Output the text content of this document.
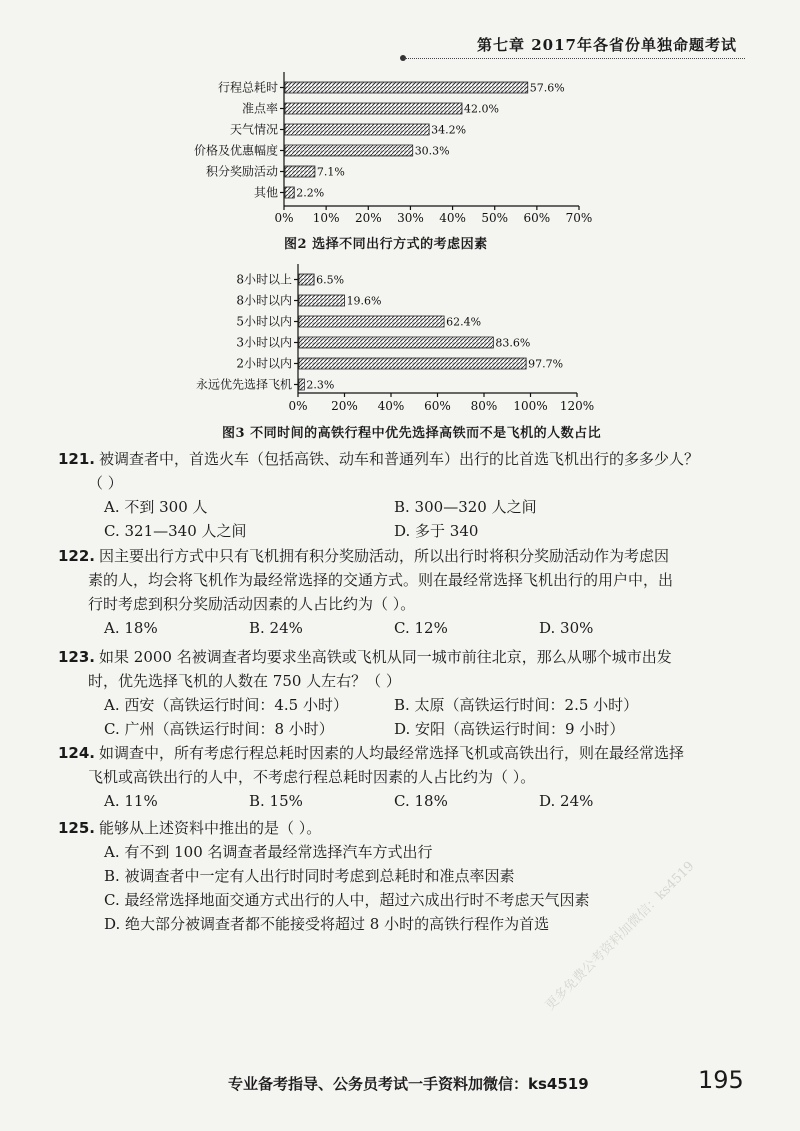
第七章 2017年各省份单独命题考试
0% 10% 20% 30% 40% 50% 60% 70%
行程总耗时	57.6%
准点率	42.0%
天气情况	34.2%
价格及优惠幅度	30.3%
积分奖励活动	7.1%
其他 2.2%
图2 选择不同出行方式的考虑因素
0% 20% 40% 60% 80% 100% 120%
8小时以上 6.5%
8小时以内	19.6%
5小时以内	62.4%
3小时以内	83.6%
2小时以内	97.7%
永远优先选择飞机 2.3%
图3 不同时间的高铁行程中优先选择高铁而不是飞机的人数占比
121. 被调查者中，首选火车（包括高铁、动车和普通列车）出行的比首选飞机出行的多多少人？
（ ）
A. 不到 300 人	B. 300—320 人之间
C. 321—340 人之间	D. 多于 340
122. 因主要出行方式中只有飞机拥有积分奖励活动，所以出行时将积分奖励活动作为考虑因
素的人，均会将飞机作为最经常选择的交通方式。则在最经常选择飞机出行的用户中，出
行时考虑到积分奖励活动因素的人占比约为（ ）。
A. 18%	B. 24%	C. 12%	D. 30%
123. 如果 2000 名被调查者均要求坐高铁或飞机从同一城市前往北京，那么从哪个城市出发
时，优先选择飞机的人数在 750 人左右？（ ）
A. 西安（高铁运行时间：4.5 小时）	B. 太原（高铁运行时间：2.5 小时）
C. 广州（高铁运行时间：8 小时）	D. 安阳（高铁运行时间：9 小时）
124. 如调查中，所有考虑行程总耗时因素的人均最经常选择飞机或高铁出行，则在最经常选择
飞机或高铁出行的人中，不考虑行程总耗时因素的人占比约为（ ）。
A. 11%	B. 15%	C. 18%	D. 24%
125. 能够从上述资料中推出的是（ ）。
A. 有不到 100 名调查者最经常选择汽车方式出行
B. 被调查者中一定有人出行时同时考虑到总耗时和准点率因素
C. 最经常选择地面交通方式出行的人中，超过六成出行时不考虑天气因素
D. 绝大部分被调查者都不能接受将超过 8 小时的高铁行程作为首选
更多免费公考资料加微信：ks4519
专业备考指导、公务员考试一手资料加微信：ks4519	195
